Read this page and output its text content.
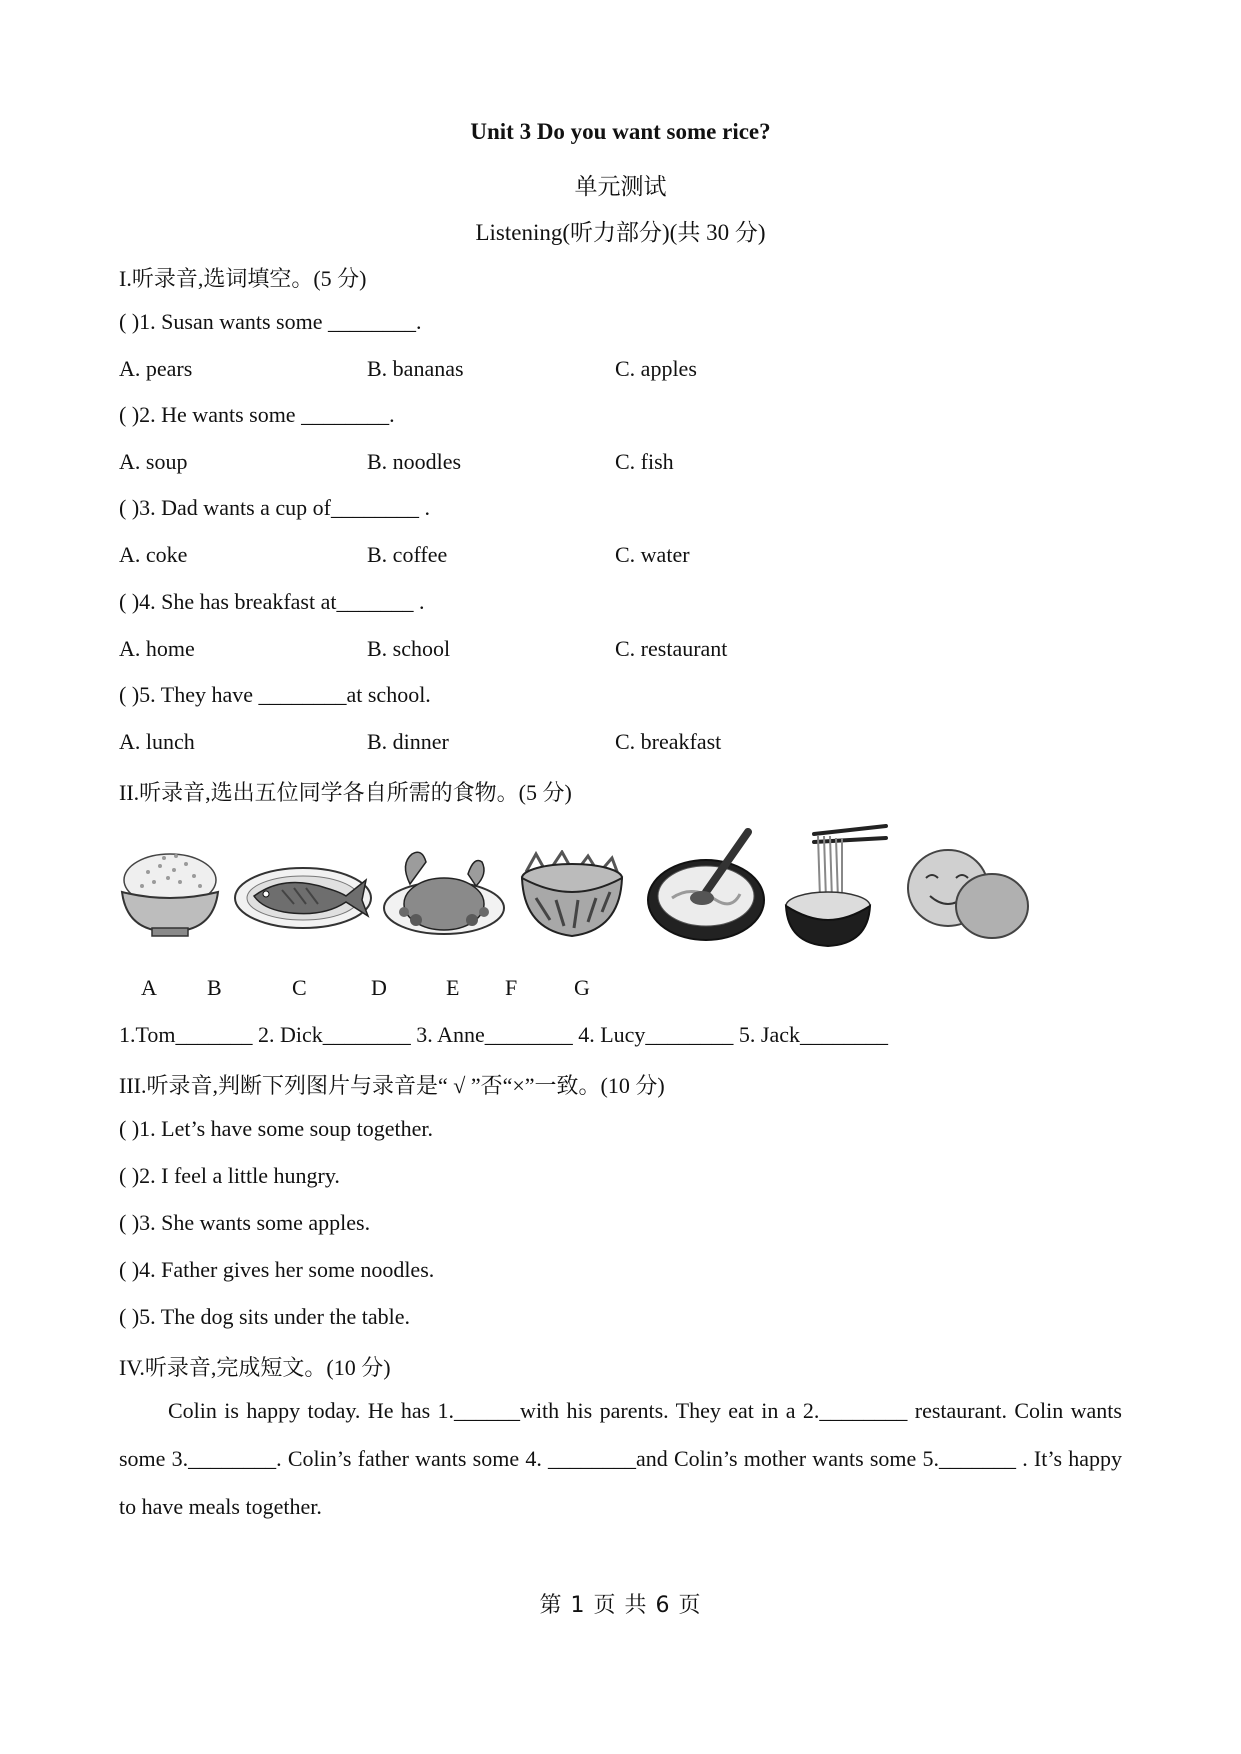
Unit 3 Do you want some rice?
单元测试
Listening(听力部分)(共 30 分)
I.听录音,选词填空。(5 分)
( )1. Susan wants some ________.
A. pears	B. bananas	C. apples
( )2. He wants some ________.
A. soup	B. noodles	C. fish
( )3. Dad wants a cup of________ .
A. coke	B. coffee	C. water
( )4. She has breakfast at_______ .
A. home	B. school	C. restaurant
( )5. They have ________at school.
A. lunch	B. dinner	C. breakfast
II.听录音,选出五位同学各自所需的食物。(5 分)
A B	C	D	E F	G
1.Tom_______ 2. Dick________ 3. Anne________ 4. Lucy________ 5. Jack________
III.听录音,判断下列图片与录音是“ √ ”否“×”一致。(10 分)
( )1. Let’s have some soup together.
( )2. I feel a little hungry.
( )3. She wants some apples.
( )4. Father gives her some noodles.
( )5. The dog sits under the table.
IV.听录音,完成短文。(10 分)
Colin is happy today. He has 1.______with his parents. They eat in a 2.________ restaurant. Colin wants some 3.________. Colin’s father wants some 4. ________and Colin’s mother wants some 5._______ . It’s happy to have meals together.
第 1 页 共 6 页
